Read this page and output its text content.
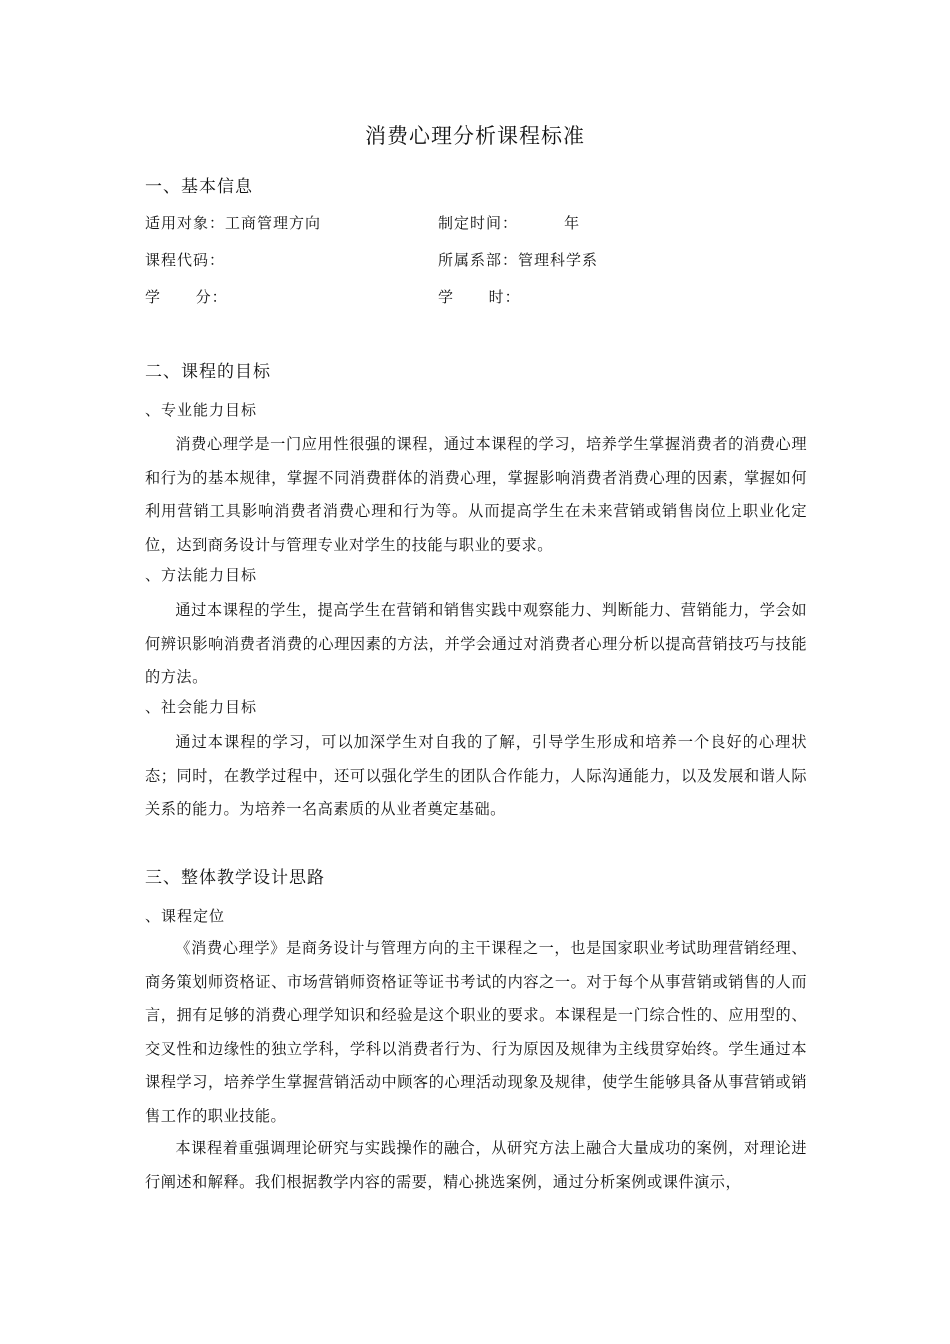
消费心理分析课程标准
一、基本信息
适用对象：工商管理方向	制定时间：        年
课程代码：	所属系部：管理科学系
学      分：	学      时：
二、课程的目标
、专业能力目标
消费心理学是一门应用性很强的课程，通过本课程的学习，培养学生掌握消费者的消费心理和行为的基本规律，掌握不同消费群体的消费心理，掌握影响消费者消费心理的因素，掌握如何利用营销工具影响消费者消费心理和行为等。从而提高学生在未来营销或销售岗位上职业化定位，达到商务设计与管理专业对学生的技能与职业的要求。
、方法能力目标
通过本课程的学生，提高学生在营销和销售实践中观察能力、判断能力、营销能力，学会如何辨识影响消费者消费的心理因素的方法，并学会通过对消费者心理分析以提高营销技巧与技能的方法。
、社会能力目标
通过本课程的学习，可以加深学生对自我的了解，引导学生形成和培养一个良好的心理状态；同时，在教学过程中，还可以强化学生的团队合作能力，人际沟通能力，以及发展和谐人际关系的能力。为培养一名高素质的从业者奠定基础。
三、整体教学设计思路
、课程定位
《消费心理学》是商务设计与管理方向的主干课程之一，也是国家职业考试助理营销经理、商务策划师资格证、市场营销师资格证等证书考试的内容之一。对于每个从事营销或销售的人而言，拥有足够的消费心理学知识和经验是这个职业的要求。本课程是一门综合性的、应用型的、交叉性和边缘性的独立学科，学科以消费者行为、行为原因及规律为主线贯穿始终。学生通过本课程学习，培养学生掌握营销活动中顾客的心理活动现象及规律，使学生能够具备从事营销或销售工作的职业技能。
本课程着重强调理论研究与实践操作的融合，从研究方法上融合大量成功的案例，对理论进行阐述和解释。我们根据教学内容的需要，精心挑选案例，通过分析案例或课件演示，
